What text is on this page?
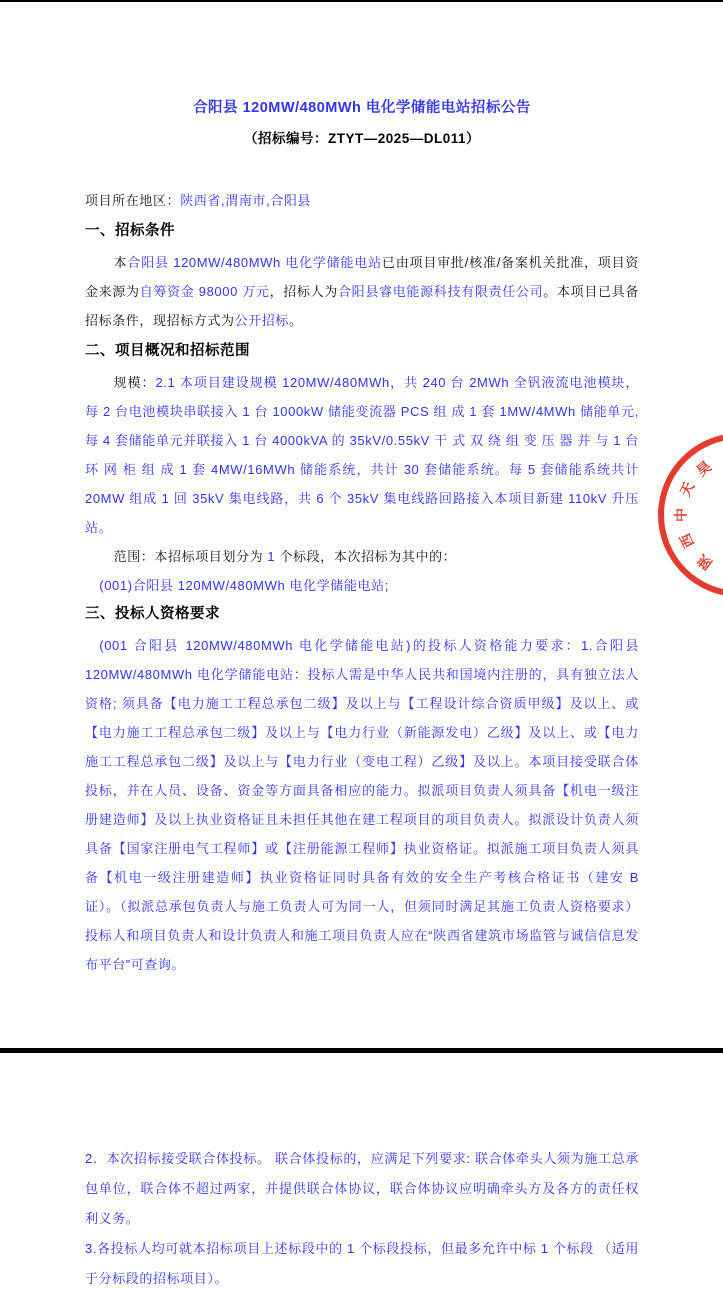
合阳县 120MW/480MWh 电化学储能电站招标公告
（招标编号：ZTYT—2025—DL011）

项目所在地区：陕西省,渭南市,合阳县

一、招标条件

本合阳县 120MW/480MWh 电化学储能电站已由项目审批/核准/备案机关批准，项目资金来源为自筹资金 98000 万元，招标人为合阳县睿电能源科技有限责任公司。本项目已具备招标条件，现招标方式为公开招标。

二、项目概况和招标范围

规模：2.1 本项目建设规模 120MW/480MWh，共 240 台 2MWh 全钒液流电池模块，每 2 台电池模块串联接入 1 台 1000kW 储能变流器 PCS 组 成 1 套 1MW/4MWh 储能单元,每 4 套储能单元并联接入 1 台 4000kVA 的 35kV/0.55kV 干 式 双 绕 组 变 压 器 并 与 1 台 环 网 柜 组 成 1 套 4MW/16MWh 储能系统，共计 30 套储能系统。每 5 套储能系统共计 20MW 组成 1 回 35kV 集电线路，共 6 个 35kV 集电线路回路接入本项目新建 110kV 升压站。

范围：本招标项目划分为 1 个标段，本次招标为其中的：

(001)合阳县 120MW/480MWh 电化学储能电站;

三、投标人资格要求

(001 合阳县 120MW/480MWh 电化学储能电站)的投标人资格能力要求：1.合阳县 120MW/480MWh 电化学储能电站：投标人需是中华人民共和国境内注册的，具有独立法人资格; 须具备【电力施工工程总承包二级】及以上与【工程设计综合资质甲级】及以上、或【电力施工工程总承包二级】及以上与【电力行业（新能源发电）乙级】及以上、或【电力施工工程总承包二级】及以上与【电力行业（变电工程）乙级】及以上。本项目接受联合体投标，并在人员、设备、资金等方面具备相应的能力。拟派项目负责人须具备【机电一级注册建造师】及以上执业资格证且未担任其他在建工程项目的项目负责人。拟派设计负责人须具备【国家注册电气工程师】或【注册能源工程师】执业资格证。拟派施工项目负责人须具备【机电一级注册建造师】执业资格证同时具备有效的安全生产考核合格证书（建安 B 证）。（拟派总承包负责人与施工负责人可为同一人，但须同时满足其施工负责人资格要求）投标人和项目负责人和设计负责人和施工项目负责人应在“陕西省建筑市场监管与诚信信息发布平台”可查询。

昊
天
中
西
陕

2．本次招标接受联合体投标。 联合体投标的，应满足下列要求: 联合体牵头人须为施工总承包单位，联合体不超过两家，并提供联合体协议，联合体协议应明确牵头方及各方的责任权利义务。

3.各投标人均可就本招标项目上述标段中的 1 个标段投标，但最多允许中标 1 个标段 （适用于分标段的招标项目）。
